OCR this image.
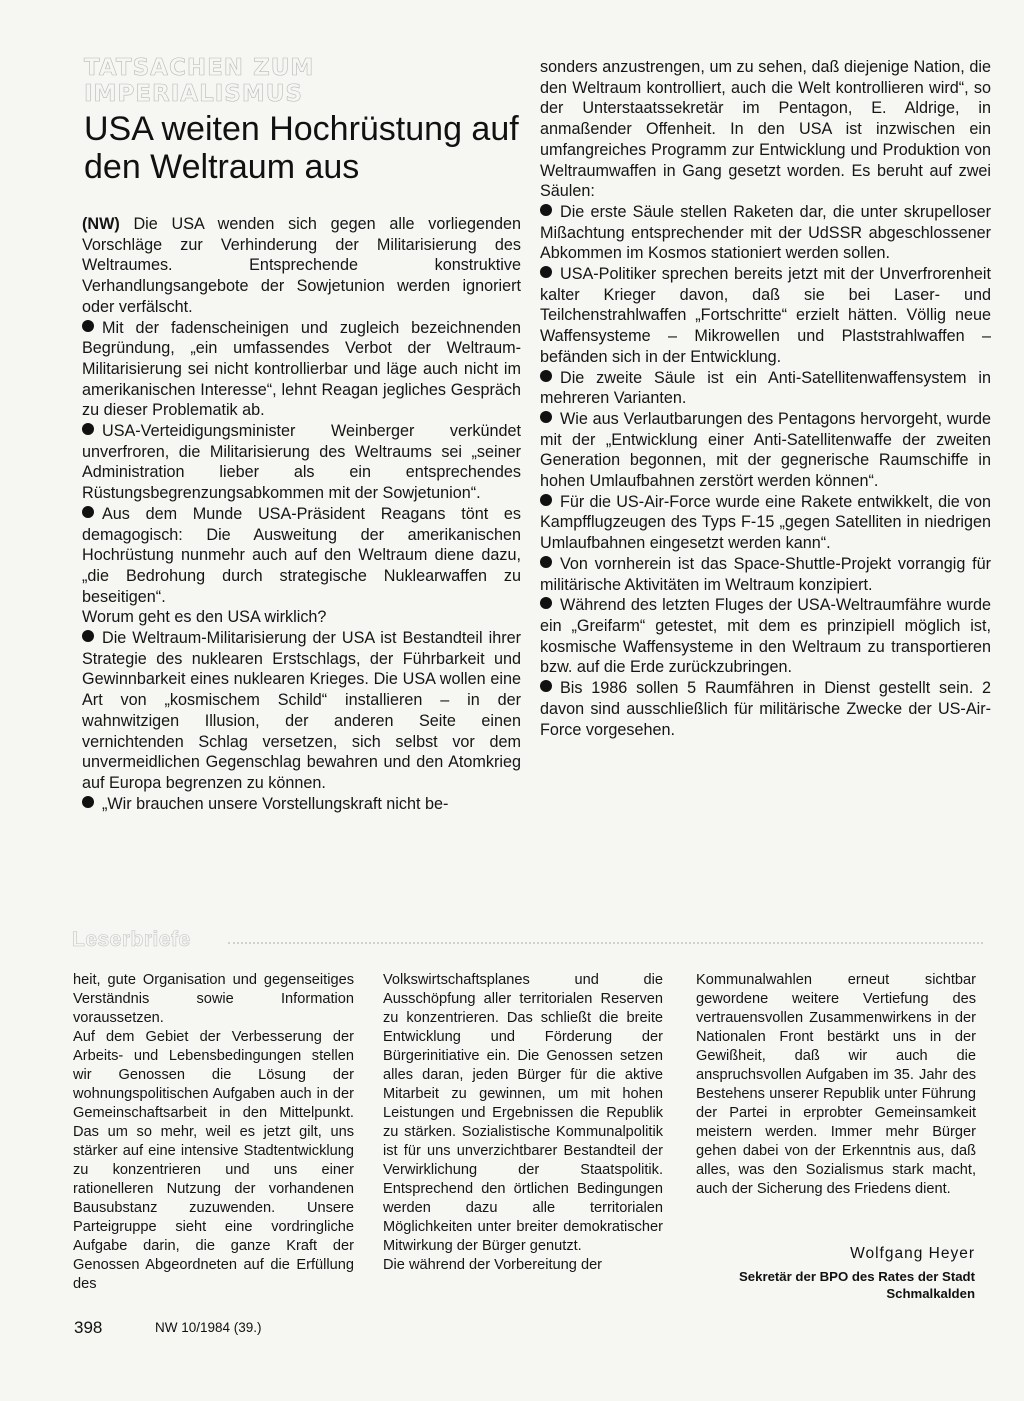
TATSACHEN ZUM IMPERIALISMUS
USA weiten Hochrüstung auf den Weltraum aus

(NW) Die USA wenden sich gegen alle vorliegenden Vorschläge zur Verhinderung der Militarisierung des Weltraumes. Entsprechende konstruktive Verhandlungsangebote der Sowjetunion werden ignoriert oder verfälscht.

Mit der fadenscheinigen und zugleich bezeichnenden Begründung, „ein umfassendes Verbot der Weltraum-Militarisierung sei nicht kontrollierbar und läge auch nicht im amerikanischen Interesse“, lehnt Reagan jegliches Gespräch zu dieser Problematik ab.

USA-Verteidigungsminister Weinberger verkündet unverfroren, die Militarisierung des Weltraums sei „seiner Administration lieber als ein entsprechendes Rüstungsbegrenzungsabkommen mit der Sowjetunion“.

Aus dem Munde USA-Präsident Reagans tönt es demagogisch: Die Ausweitung der amerikanischen Hochrüstung nunmehr auch auf den Weltraum diene dazu, „die Bedrohung durch strategische Nuklearwaffen zu beseitigen“.

Worum geht es den USA wirklich?

Die Weltraum-Militarisierung der USA ist Bestandteil ihrer Strategie des nuklearen Erstschlags, der Führbarkeit und Gewinnbarkeit eines nuklearen Krieges. Die USA wollen eine Art von „kosmischem Schild“ installieren – in der wahnwitzigen Illusion, der anderen Seite einen vernichtenden Schlag versetzen, sich selbst vor dem unvermeidlichen Gegenschlag bewahren und den Atomkrieg auf Europa begrenzen zu können.

„Wir brauchen unsere Vorstellungskraft nicht be-

sonders anzustrengen, um zu sehen, daß diejenige Nation, die den Weltraum kontrolliert, auch die Welt kontrollieren wird“, so der Unterstaatssekretär im Pentagon, E. Aldrige, in anmaßender Offenheit. In den USA ist inzwischen ein umfangreiches Programm zur Entwicklung und Produktion von Weltraumwaffen in Gang gesetzt worden. Es beruht auf zwei Säulen:

Die erste Säule stellen Raketen dar, die unter skrupelloser Mißachtung entsprechender mit der UdSSR abgeschlossener Abkommen im Kosmos stationiert werden sollen.

USA-Politiker sprechen bereits jetzt mit der Unverfrorenheit kalter Krieger davon, daß sie bei Laser- und Teilchenstrahlwaffen „Fortschritte“ erzielt hätten. Völlig neue Waffensysteme – Mikrowellen und Plaststrahlwaffen – befänden sich in der Entwicklung.

Die zweite Säule ist ein Anti-Satellitenwaffensystem in mehreren Varianten.

Wie aus Verlautbarungen des Pentagons hervorgeht, wurde mit der „Entwicklung einer Anti-Satellitenwaffe der zweiten Generation begonnen, mit der gegnerische Raumschiffe in hohen Umlaufbahnen zerstört werden können“.

Für die US-Air-Force wurde eine Rakete entwikkelt, die von Kampfflugzeugen des Typs F-15 „gegen Satelliten in niedrigen Umlaufbahnen eingesetzt werden kann“.

Von vornherein ist das Space-Shuttle-Projekt vorrangig für militärische Aktivitäten im Weltraum konzipiert.

Während des letzten Fluges der USA-Weltraumfähre wurde ein „Greifarm“ getestet, mit dem es prinzipiell möglich ist, kosmische Waffensysteme in den Weltraum zu transportieren bzw. auf die Erde zurückzubringen.

Bis 1986 sollen 5 Raumfähren in Dienst gestellt sein. 2 davon sind ausschließlich für militärische Zwecke der US-Air-Force vorgesehen.

Leserbriefe

heit, gute Organisation und gegenseitiges Verständnis sowie Information voraussetzen.

Auf dem Gebiet der Verbesserung der Arbeits- und Lebensbedingungen stellen wir Genossen die Lösung der wohnungspolitischen Aufgaben auch in der Gemeinschaftsarbeit in den Mittelpunkt. Das um so mehr, weil es jetzt gilt, uns stärker auf eine intensive Stadtentwicklung zu konzentrieren und uns einer rationelleren Nutzung der vorhandenen Bausubstanz zuzuwenden. Unsere Parteigruppe sieht eine vordringliche Aufgabe darin, die ganze Kraft der Genossen Abgeordneten auf die Erfüllung des

Volkswirtschaftsplanes und die Ausschöpfung aller territorialen Reserven zu konzentrieren. Das schließt die breite Entwicklung und Förderung der Bürgerinitiative ein. Die Genossen setzen alles daran, jeden Bürger für die aktive Mitarbeit zu gewinnen, um mit hohen Leistungen und Ergebnissen die Republik zu stärken. Sozialistische Kommunalpolitik ist für uns unverzichtbarer Bestandteil der Verwirklichung der Staatspolitik. Entsprechend den örtlichen Bedingungen werden dazu alle territorialen Möglichkeiten unter breiter demokratischer Mitwirkung der Bürger genutzt.

Die während der Vorbereitung der

Kommunalwahlen erneut sichtbar gewordene weitere Vertiefung des vertrauensvollen Zusammenwirkens in der Nationalen Front bestärkt uns in der Gewißheit, daß wir auch die anspruchsvollen Aufgaben im 35. Jahr des Bestehens unserer Republik unter Führung der Partei in erprobter Gemeinsamkeit meistern werden. Immer mehr Bürger gehen dabei von der Erkenntnis aus, daß alles, was den Sozialismus stark macht, auch der Sicherung des Friedens dient.

Wolfgang Heyer
Sekretär der BPO des Rates der Stadt
Schmalkalden
398	NW 10/1984 (39.)
